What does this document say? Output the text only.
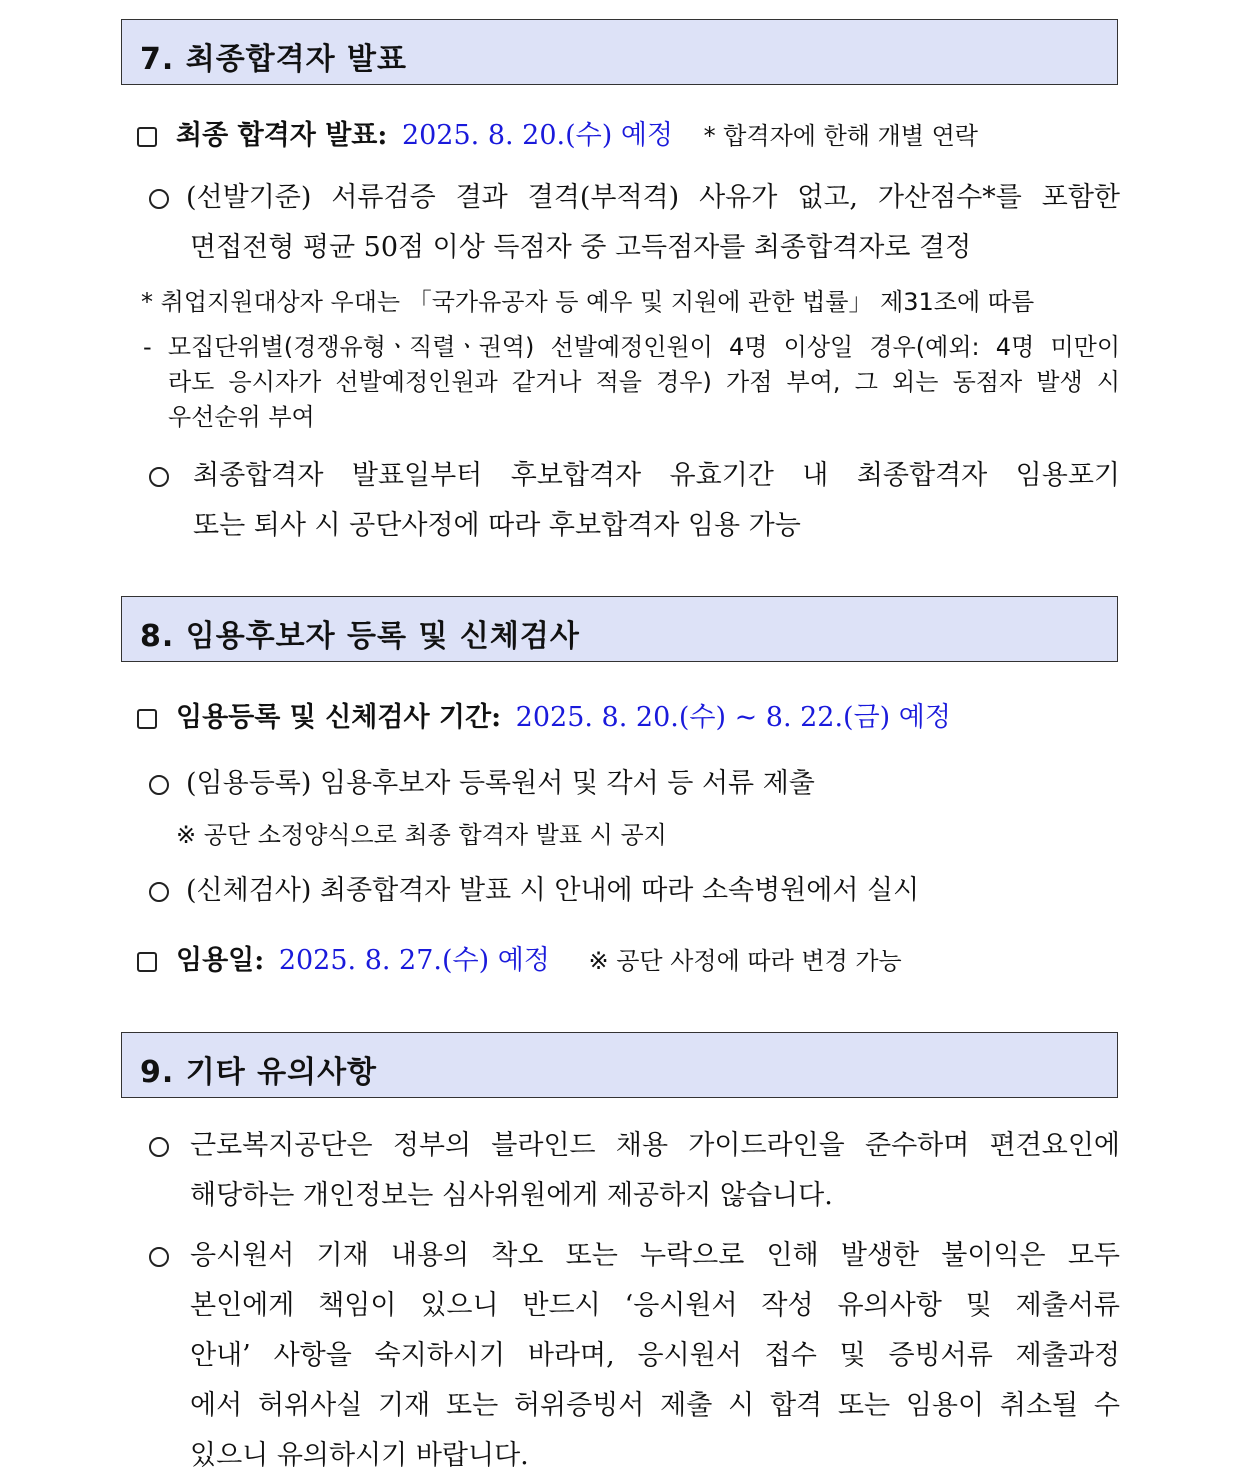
7. 최종합격자 발표
최종 합격자 발표: 2025. 8. 20.(수) 예정 * 합격자에 한해 개별 연락
(선발기준) 서류검증 결과 결격(부적격) 사유가 없고, 가산점수*를 포함한
면접전형 평균 50점 이상 득점자 중 고득점자를 최종합격자로 결정
* 취업지원대상자 우대는 「국가유공자 등 예우 및 지원에 관한 법률」 제31조에 따름
- 모집단위별(경쟁유형ㆍ직렬ㆍ권역) 선발예정인원이 4명 이상일 경우(예외: 4명 미만이
라도 응시자가 선발예정인원과 같거나 적을 경우) 가점 부여, 그 외는 동점자 발생 시
우선순위 부여
최종합격자 발표일부터 후보합격자 유효기간 내 최종합격자 임용포기
또는 퇴사 시 공단사정에 따라 후보합격자 임용 가능
8. 임용후보자 등록 및 신체검사
임용등록 및 신체검사 기간: 2025. 8. 20.(수) ~ 8. 22.(금) 예정
(임용등록) 임용후보자 등록원서 및 각서 등 서류 제출
※ 공단 소정양식으로 최종 합격자 발표 시 공지
(신체검사) 최종합격자 발표 시 안내에 따라 소속병원에서 실시
임용일: 2025. 8. 27.(수) 예정 ※ 공단 사정에 따라 변경 가능
9. 기타 유의사항
근로복지공단은 정부의 블라인드 채용 가이드라인을 준수하며 편견요인에
해당하는 개인정보는 심사위원에게 제공하지 않습니다.
응시원서 기재 내용의 착오 또는 누락으로 인해 발생한 불이익은 모두
본인에게 책임이 있으니 반드시 ‘응시원서 작성 유의사항 및 제출서류
안내’ 사항을 숙지하시기 바라며, 응시원서 접수 및 증빙서류 제출과정
에서 허위사실 기재 또는 허위증빙서 제출 시 합격 또는 임용이 취소될 수
있으니 유의하시기 바랍니다.
